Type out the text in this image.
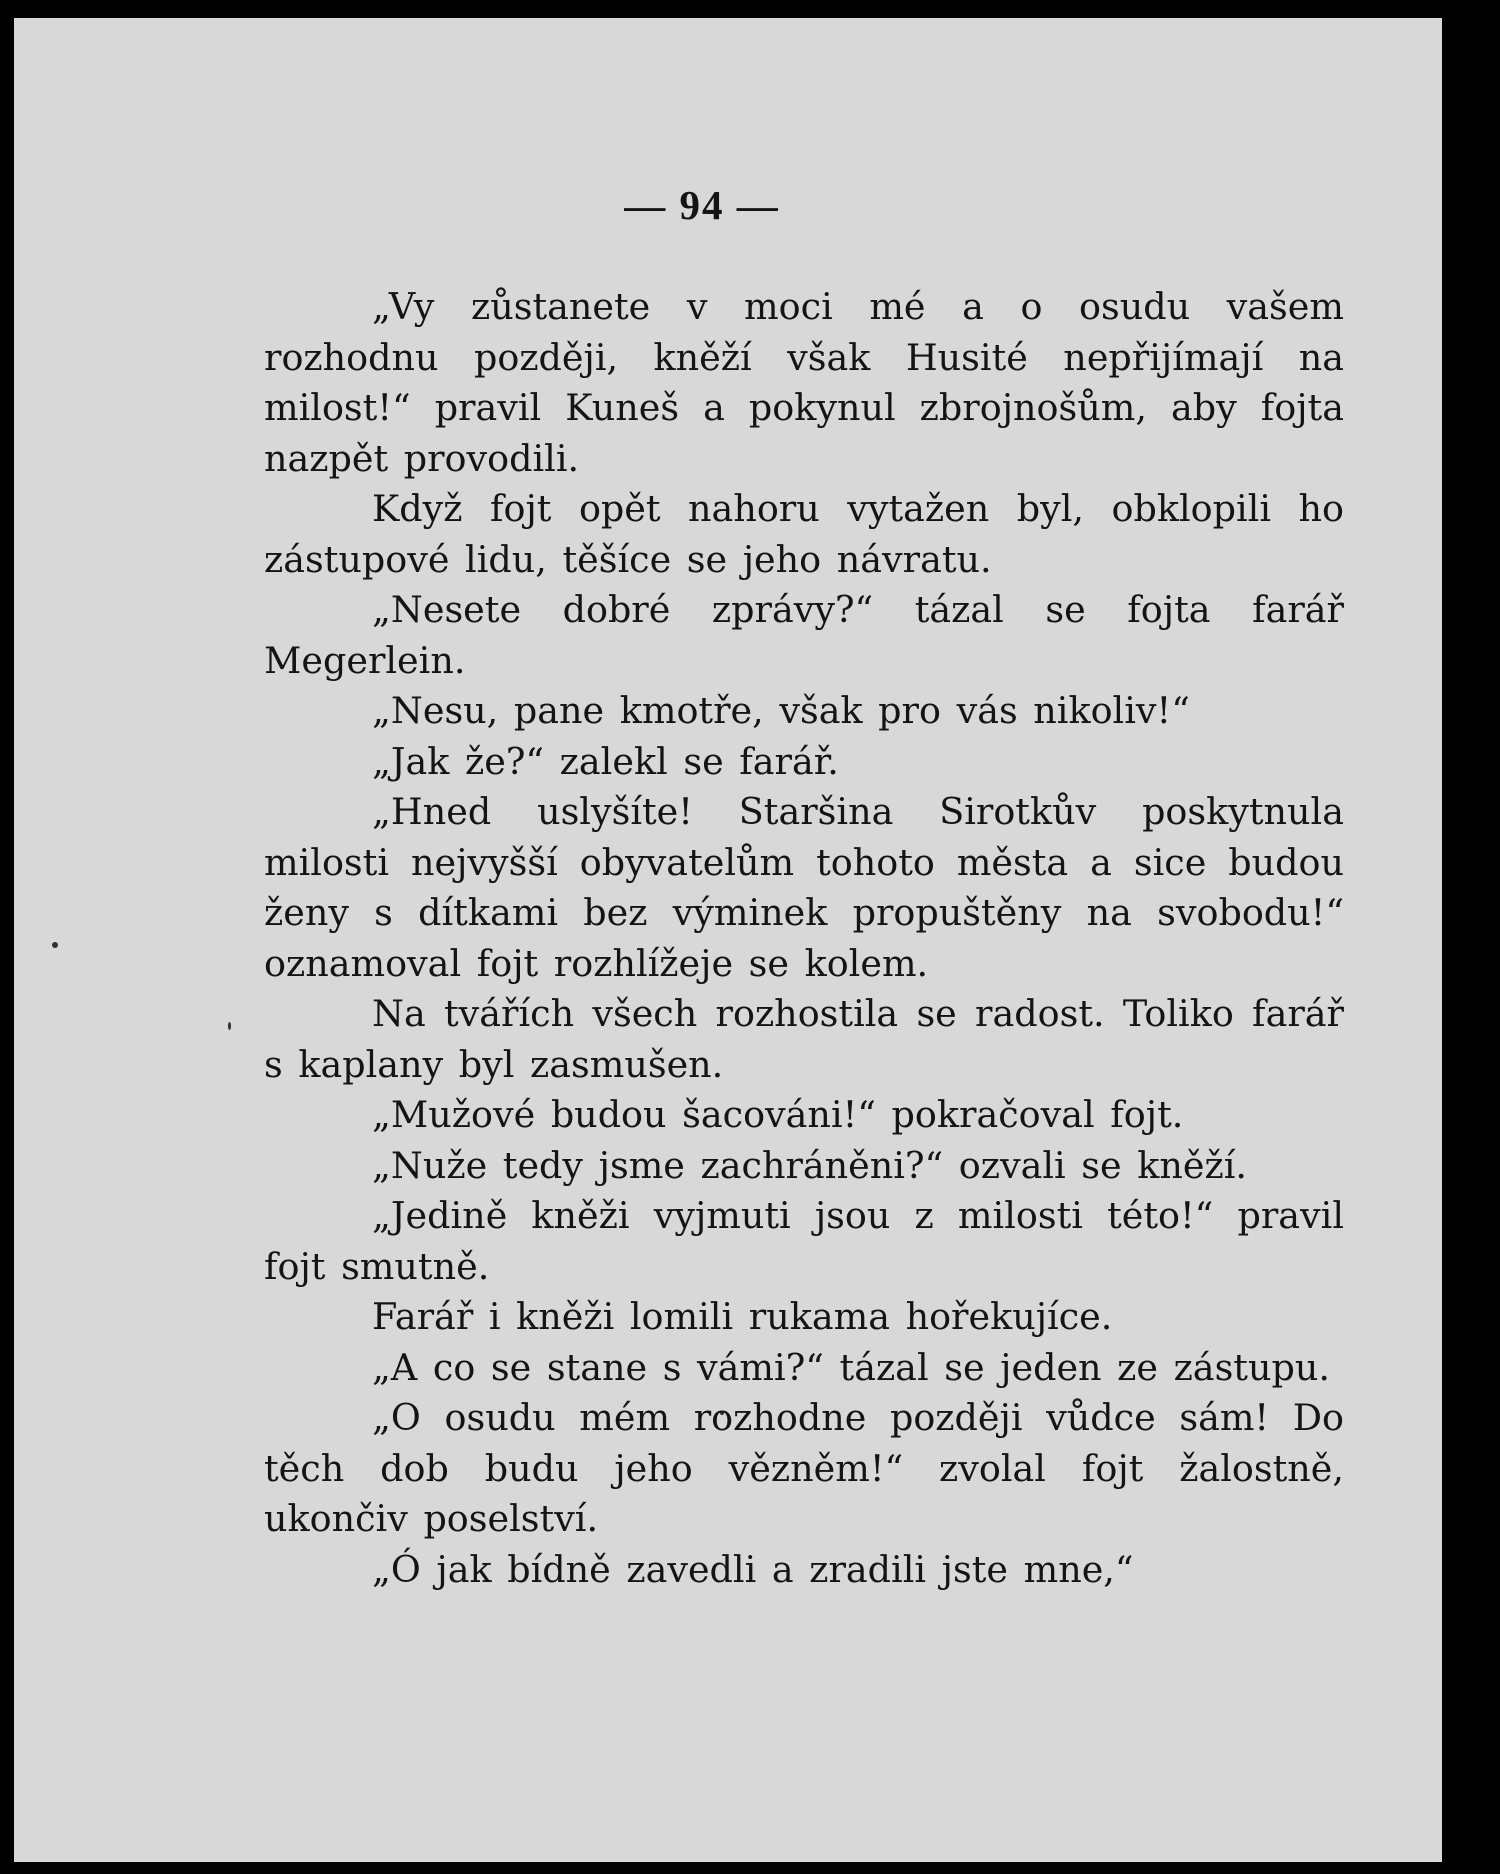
— 94 —

„Vy zůstanete v moci mé a o osudu vašem rozhodnu později, kněží však Husité nepřijímají na milost!“ pravil Kuneš a pokynul zbrojnošům, aby fojta nazpět provodili.

Když fojt opět nahoru vytažen byl, obklopili ho zástupové lidu, těšíce se jeho návratu.

„Nesete dobré zprávy?“ tázal se fojta farář Megerlein.

„Nesu, pane kmotře, však pro vás nikoliv!“

„Jak že?“ zalekl se farář.

„Hned uslyšíte! Staršina Sirotkův poskytnula milosti nejvyšší obyvatelům tohoto města a sice budou ženy s dítkami bez výminek propuštěny na svobodu!“ oznamoval fojt rozhlížeje se kolem.

Na tvářích všech rozhostila se radost. Toliko farář s kaplany byl zasmušen.

„Mužové budou šacováni!“ pokračoval fojt.

„Nuže tedy jsme zachráněni?“ ozvali se kněží.

„Jedině kněži vyjmuti jsou z milosti této!“ pravil fojt smutně.

Farář i kněži lomili rukama hořekujíce.

„A co se stane s vámi?“ tázal se jeden ze zástupu.

„O osudu mém rozhodne později vůdce sám! Do těch dob budu jeho vězněm!“ zvolal fojt žalostně, ukončiv poselství.

„Ó jak bídně zavedli a zradili jste mne,“
